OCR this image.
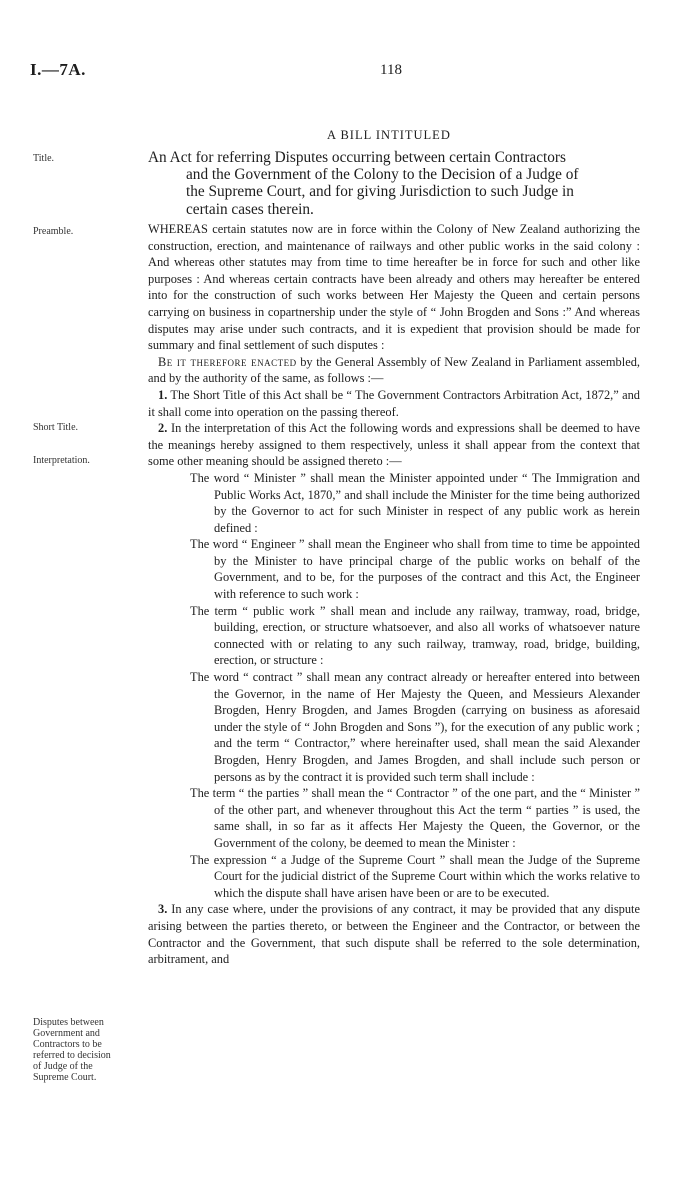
I.—7A.	118
A BILL INTITULED
Title.
Preamble.
Short Title.
Interpretation.
Disputes between
Government and
Contractors to be
referred to decision
of Judge of the
Supreme Court.
An Act for referring Disputes occurring between certain Contractors
and the Government of the Colony to the Decision of a Judge of
the Supreme Court, and for giving Jurisdiction to such Judge in
certain cases therein.

WHEREAS certain statutes now are in force within the Colony of New Zealand authorizing the construction, erection, and maintenance of railways and other public works in the said colony : And whereas other statutes may from time to time hereafter be in force for such and other like purposes : And whereas certain contracts have been already and others may hereafter be entered into for the construction of such works between Her Majesty the Queen and certain persons carrying on business in copartnership under the style of “ John Brogden and Sons :” And whereas disputes may arise under such contracts, and it is expedient that provision should be made for summary and final settlement of such disputes :

Be it therefore enacted by the General Assembly of New Zealand in Parliament assembled, and by the authority of the same, as follows :—

1. The Short Title of this Act shall be “ The Government Contractors Arbitration Act, 1872,” and it shall come into operation on the passing thereof.

2. In the interpretation of this Act the following words and expressions shall be deemed to have the meanings hereby assigned to them respectively, unless it shall appear from the context that some other meaning should be assigned thereto :—

The word “ Minister ” shall mean the Minister appointed under “ The Immigration and Public Works Act, 1870,” and shall include the Minister for the time being authorized by the Governor to act for such Minister in respect of any public work as herein defined :

The word “ Engineer ” shall mean the Engineer who shall from time to time be appointed by the Minister to have principal charge of the public works on behalf of the Government, and to be, for the purposes of the contract and this Act, the Engineer with reference to such work :

The term “ public work ” shall mean and include any railway, tramway, road, bridge, building, erection, or structure whatsoever, and also all works of whatsoever nature connected with or relating to any such railway, tramway, road, bridge, building, erection, or structure :

The word “ contract ” shall mean any contract already or hereafter entered into between the Governor, in the name of Her Majesty the Queen, and Messieurs Alexander Brogden, Henry Brogden, and James Brogden (carrying on business as aforesaid under the style of “ John Brogden and Sons ”), for the execution of any public work ; and the term “ Contractor,” where hereinafter used, shall mean the said Alexander Brogden, Henry Brogden, and James Brogden, and shall include such person or persons as by the contract it is provided such term shall include :

The term “ the parties ” shall mean the “ Contractor ” of the one part, and the “ Minister ” of the other part, and whenever throughout this Act the term “ parties ” is used, the same shall, in so far as it affects Her Majesty the Queen, the Governor, or the Government of the colony, be deemed to mean the Minister :

The expression “ a Judge of the Supreme Court ” shall mean the Judge of the Supreme Court for the judicial district of the Supreme Court within which the works relative to which the dispute shall have arisen have been or are to be executed.

3. In any case where, under the provisions of any contract, it may be provided that any dispute arising between the parties thereto, or between the Engineer and the Contractor, or between the Contractor and the Government, that such dispute shall be referred to the sole determination, arbitrament, and
